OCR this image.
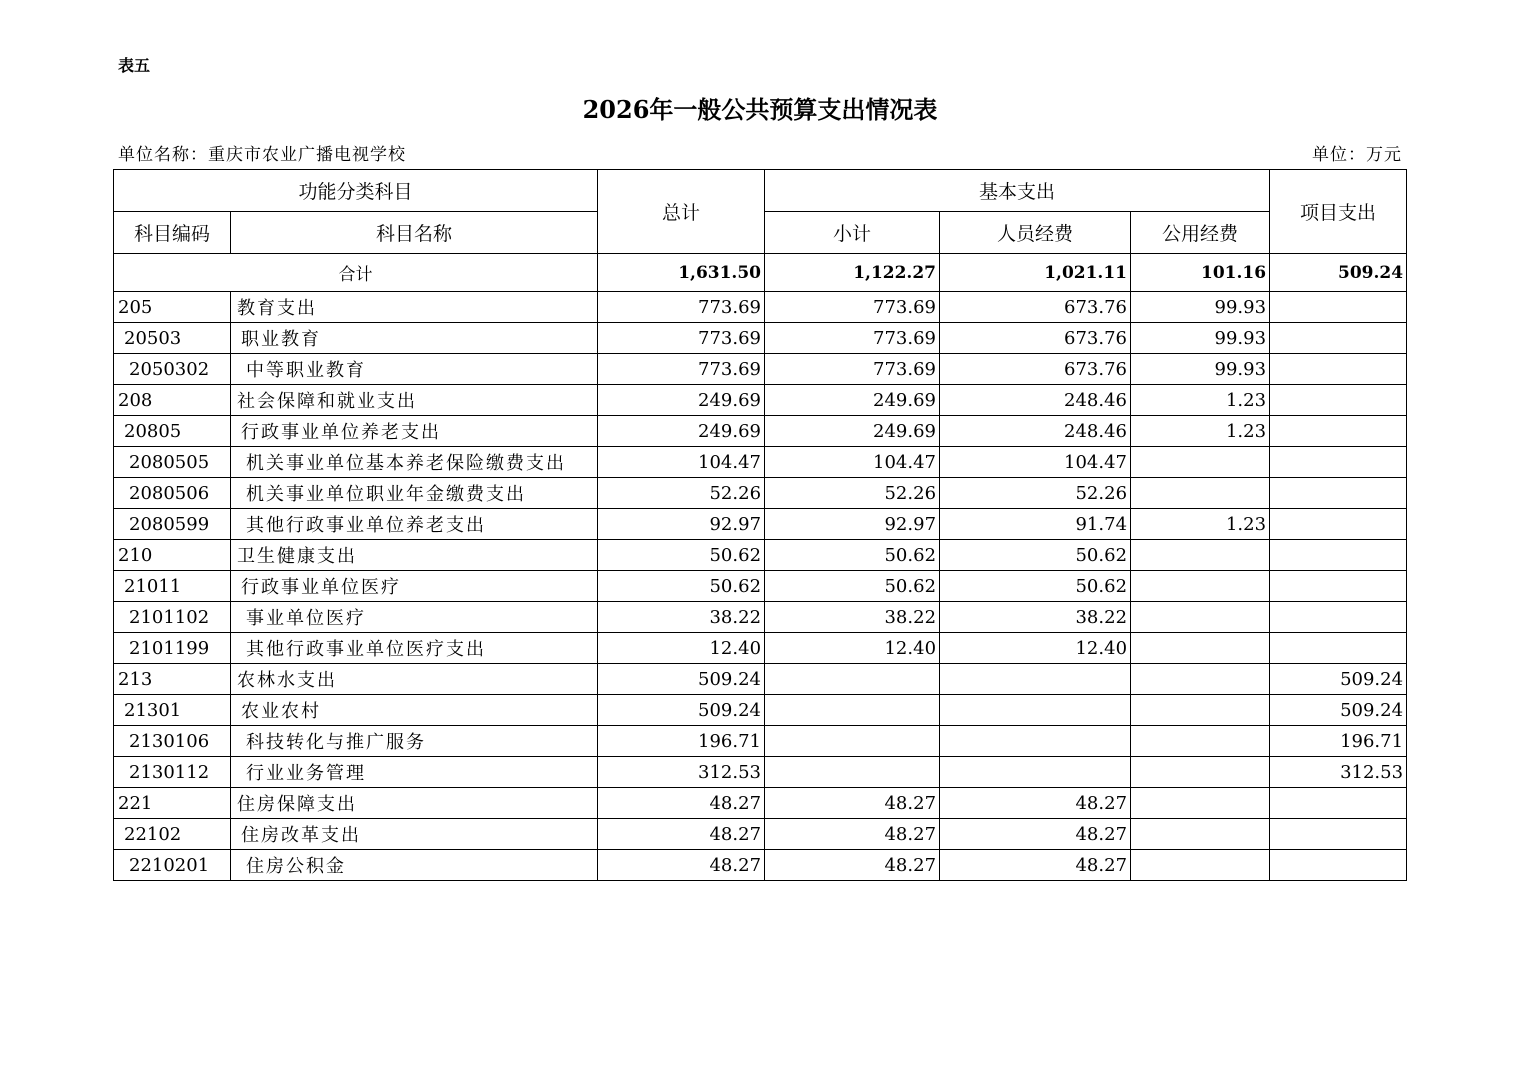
表五
2026年一般公共预算支出情况表
单位名称：重庆市农业广播电视学校	单位：万元
功能分类科目		总计	基本支出			项目支出
科目编码	科目名称		小计	人员经费	公用经费	
合计		1,631.50	1,122.27	1,021.11	101.16	509.24
205	教育支出	773.69	773.69	673.76	99.93	
20503	职业教育	773.69	773.69	673.76	99.93	
2050302	中等职业教育	773.69	773.69	673.76	99.93	
208	社会保障和就业支出	249.69	249.69	248.46	1.23	
20805	行政事业单位养老支出	249.69	249.69	248.46	1.23	
2080505	机关事业单位基本养老保险缴费支出	104.47	104.47	104.47		
2080506	机关事业单位职业年金缴费支出	52.26	52.26	52.26		
2080599	其他行政事业单位养老支出	92.97	92.97	91.74	1.23	
210	卫生健康支出	50.62	50.62	50.62		
21011	行政事业单位医疗	50.62	50.62	50.62		
2101102	事业单位医疗	38.22	38.22	38.22		
2101199	其他行政事业单位医疗支出	12.40	12.40	12.40		
213	农林水支出	509.24				509.24
21301	农业农村	509.24				509.24
2130106	科技转化与推广服务	196.71				196.71
2130112	行业业务管理	312.53				312.53
221	住房保障支出	48.27	48.27	48.27		
22102	住房改革支出	48.27	48.27	48.27		
2210201	住房公积金	48.27	48.27	48.27		
